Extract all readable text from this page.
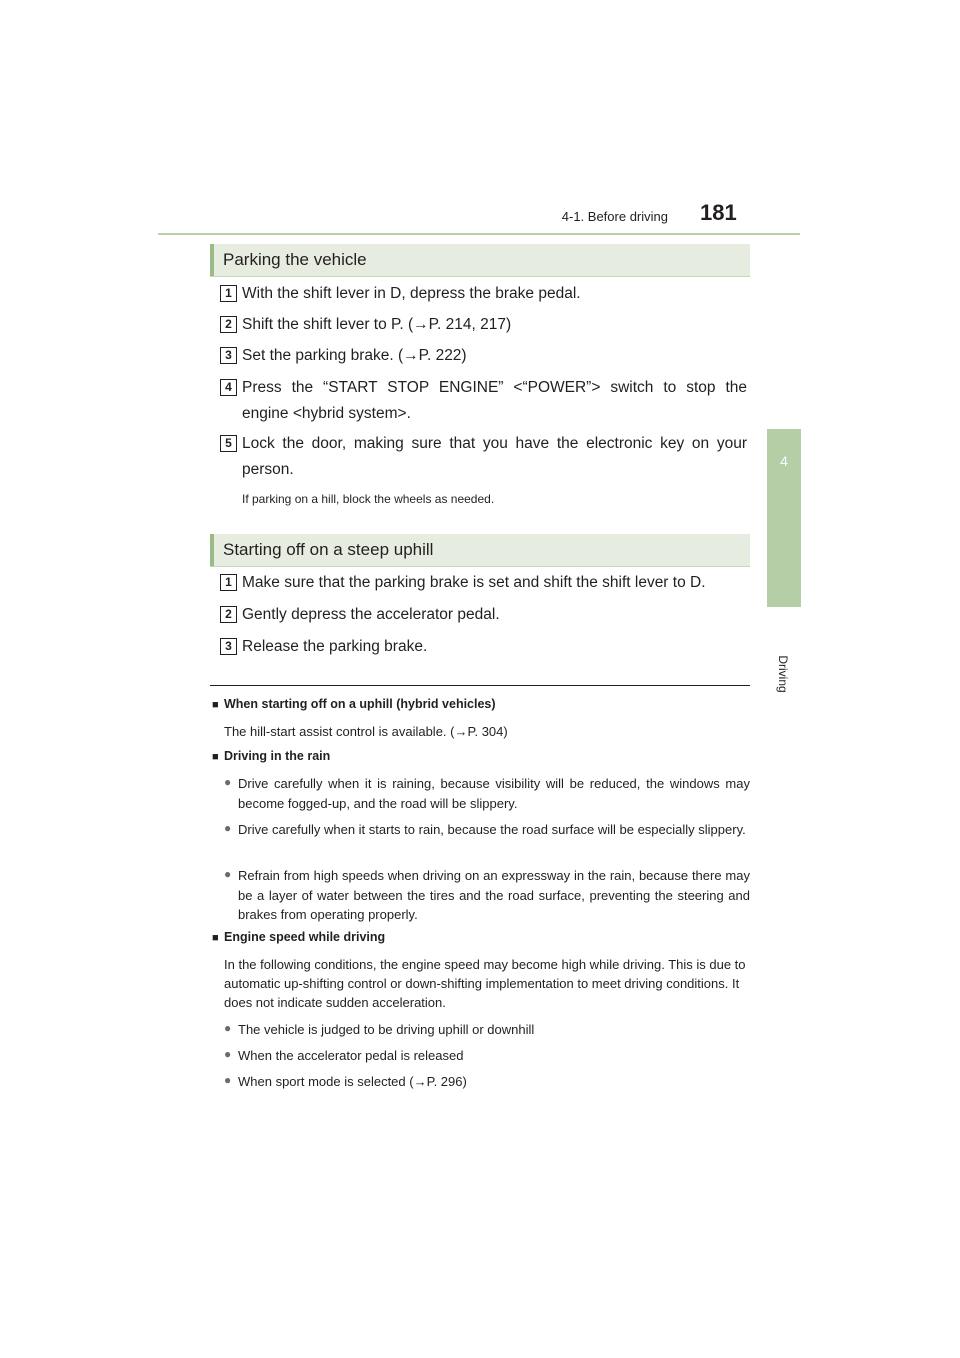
4-1. Before driving 181
4
Driving
Parking the vehicle
1 With the shift lever in D, depress the brake pedal.
2 Shift the shift lever to P. (→P. 214, 217)
3 Set the parking brake. (→P. 222)
4 Press the “START STOP ENGINE” <“POWER”> switch to stop the engine <hybrid system>.
5 Lock the door, making sure that you have the electronic key on your person.
If parking on a hill, block the wheels as needed.
Starting off on a steep uphill
1 Make sure that the parking brake is set and shift the shift lever to D.
2 Gently depress the accelerator pedal.
3 Release the parking brake.
■ When starting off on a uphill (hybrid vehicles)
The hill-start assist control is available. (→P. 304)
■ Driving in the rain
● Drive carefully when it is raining, because visibility will be reduced, the windows may become fogged-up, and the road will be slippery.
● Drive carefully when it starts to rain, because the road surface will be especially slippery.
● Refrain from high speeds when driving on an expressway in the rain, because there may be a layer of water between the tires and the road surface, preventing the steering and brakes from operating properly.
■ Engine speed while driving
In the following conditions, the engine speed may become high while driving. This is due to automatic up-shifting control or down-shifting implementation to meet driving conditions. It does not indicate sudden acceleration.
● The vehicle is judged to be driving uphill or downhill
● When the accelerator pedal is released
● When sport mode is selected (→P. 296)
